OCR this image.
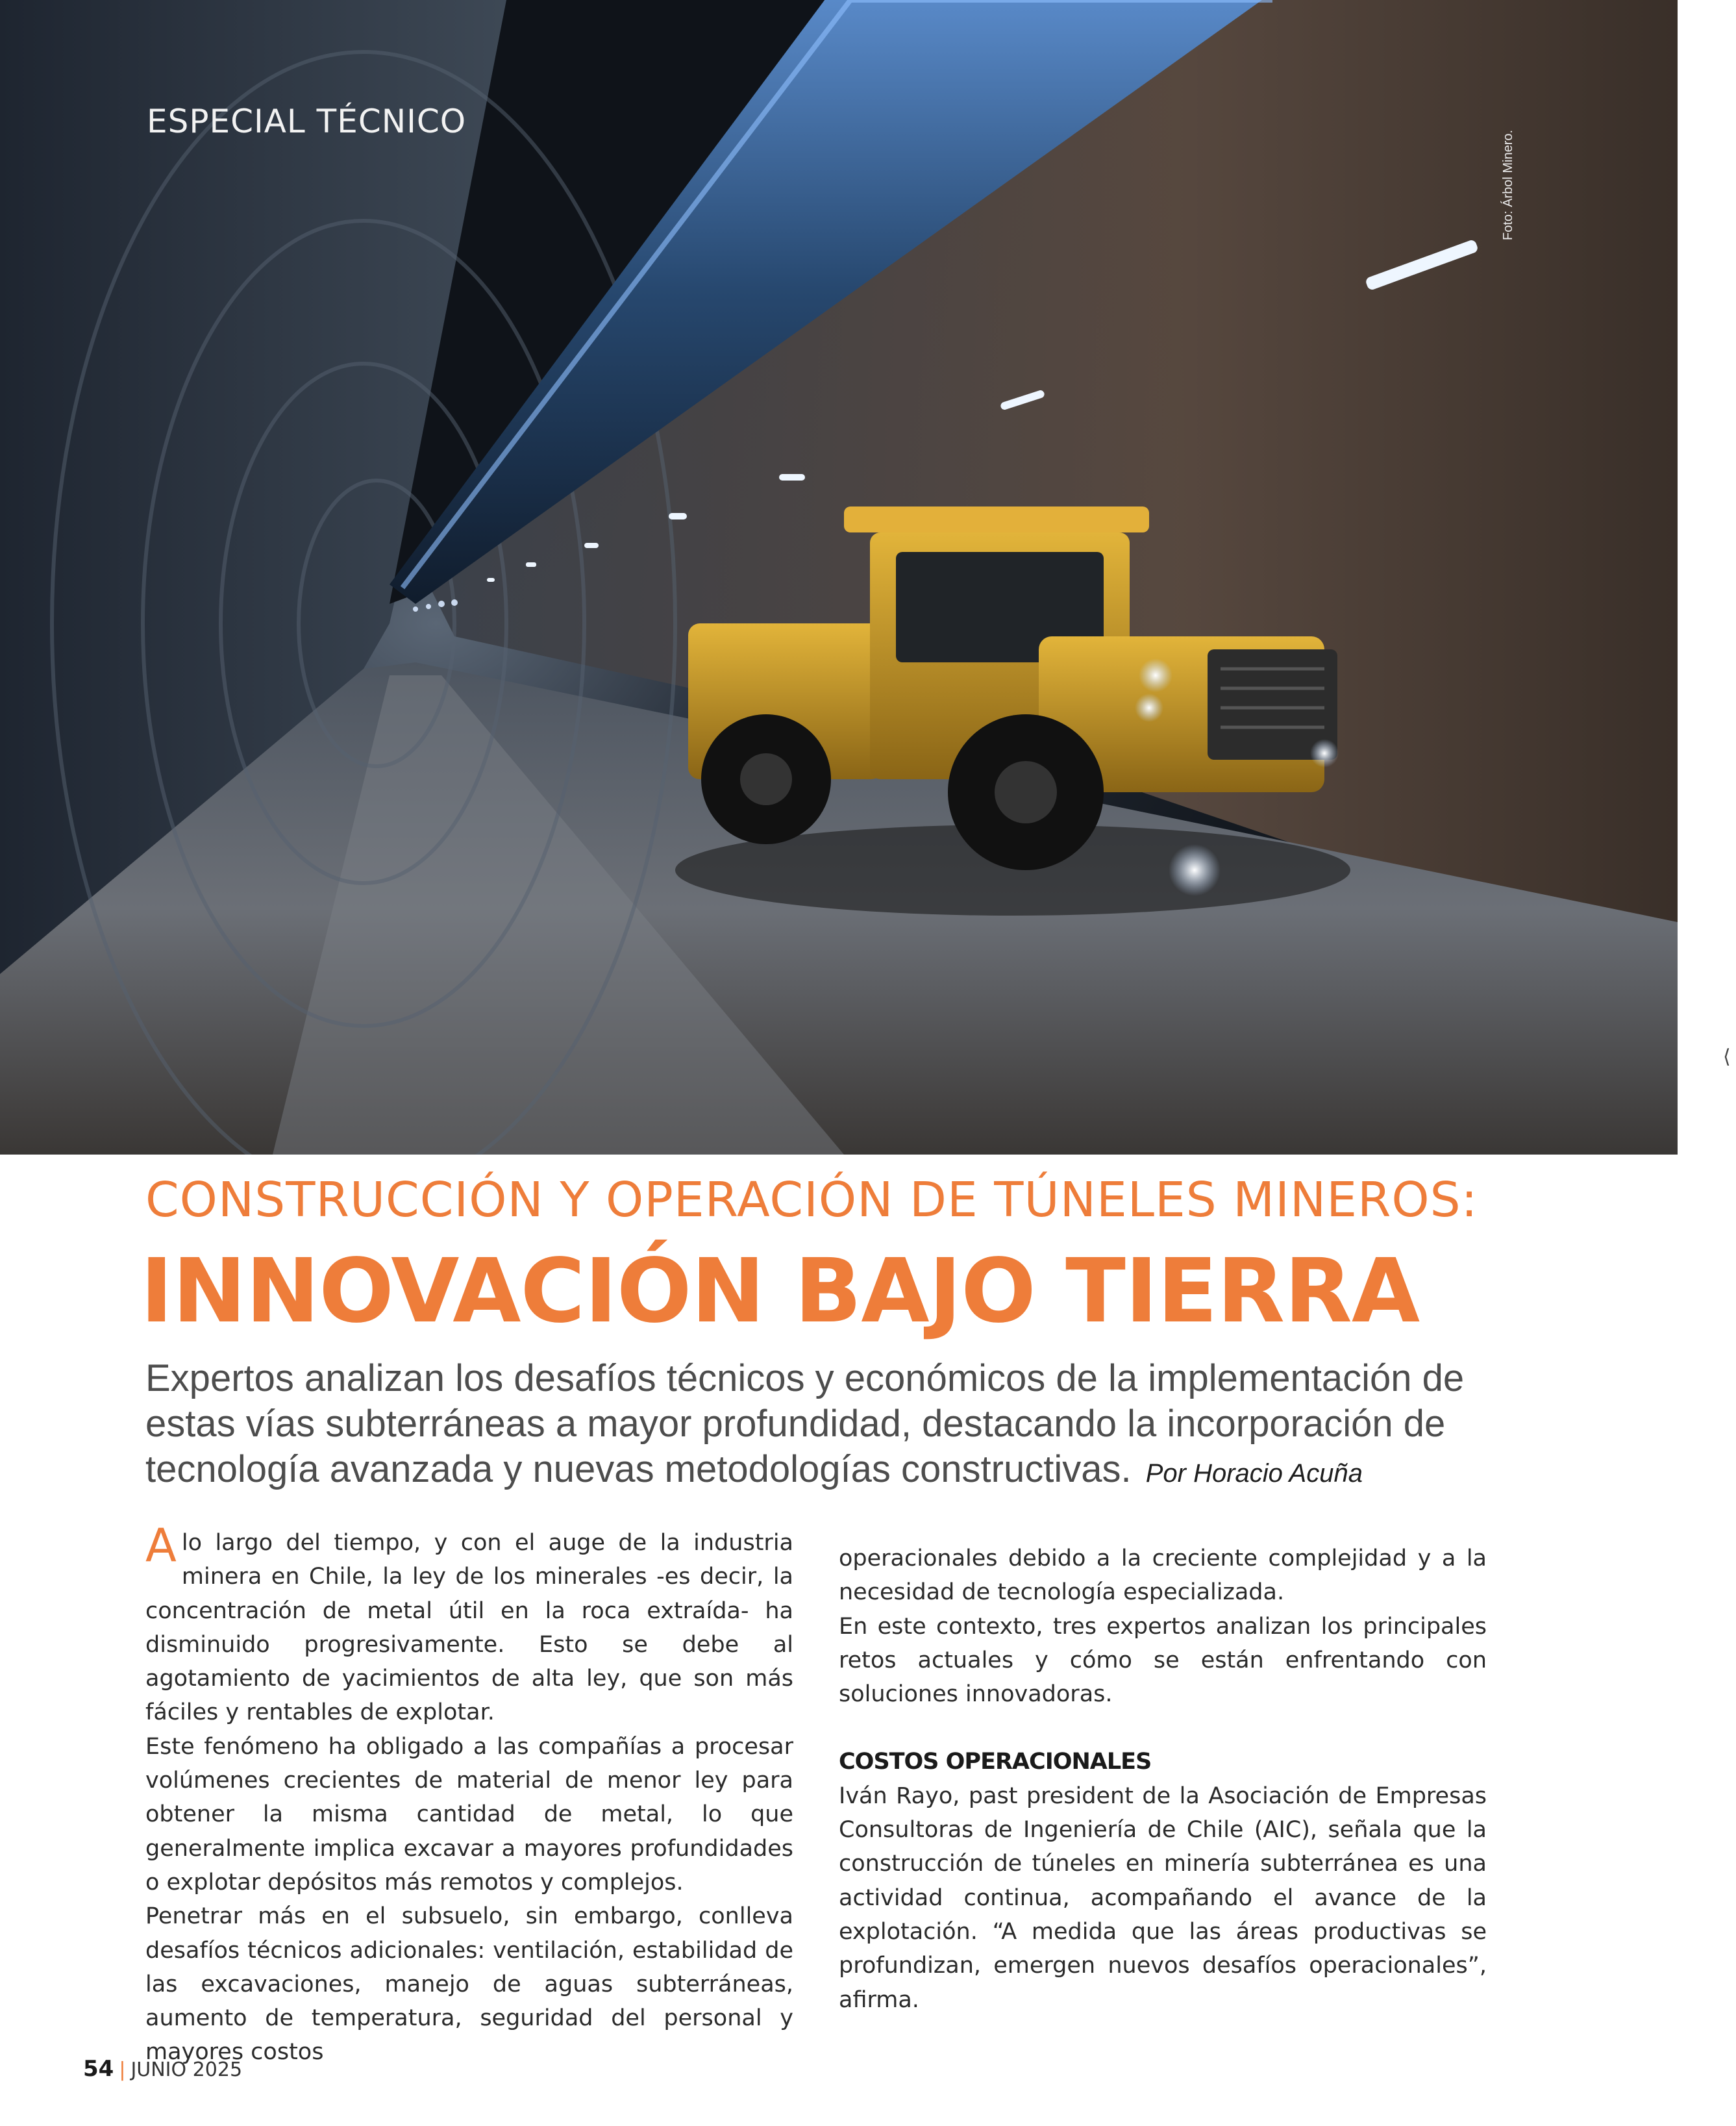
ESPECIAL TÉCNICO
Foto: Árbol Minero.
⟨
CONSTRUCCIÓN Y OPERACIÓN DE TÚNELES MINEROS:
INNOVACIÓN BAJO TIERRA
Expertos analizan los desafíos técnicos y económicos de la implementación de estas vías subterráneas a mayor profundidad, destacando la incorporación de tecnología avanzada y nuevas metodologías constructivas. Por Horacio Acuña

A lo largo del tiempo, y con el auge de la industria minera en Chile, la ley de los minerales -es decir, la concentración de metal útil en la roca extraída- ha disminuido progresivamente. Esto se debe al agotamiento de yacimientos de alta ley, que son más fáciles y rentables de explotar.

Este fenómeno ha obligado a las compañías a procesar volúmenes crecientes de material de menor ley para obtener la misma cantidad de metal, lo que generalmente implica excavar a mayores profundidades o explotar depósitos más remotos y complejos.

Penetrar más en el subsuelo, sin embargo, conlleva desafíos técnicos adicionales: ventilación, estabilidad de las excavaciones, manejo de aguas subterráneas, aumento de temperatura, seguridad del personal y mayores costos

operacionales debido a la creciente complejidad y a la necesidad de tecnología especializada.

En este contexto, tres expertos analizan los principales retos actuales y cómo se están enfrentando con soluciones innovadoras.

COSTOS OPERACIONALES

Iván Rayo, past president de la Asociación de Empresas Consultoras de Ingeniería de Chile (AIC), señala que la construcción de túneles en minería subterránea es una actividad continua, acompañando el avance de la explotación. “A medida que las áreas productivas se profundizan, emergen nuevos desafíos operacionales”, afirma.

54 | JUNIO 2025
